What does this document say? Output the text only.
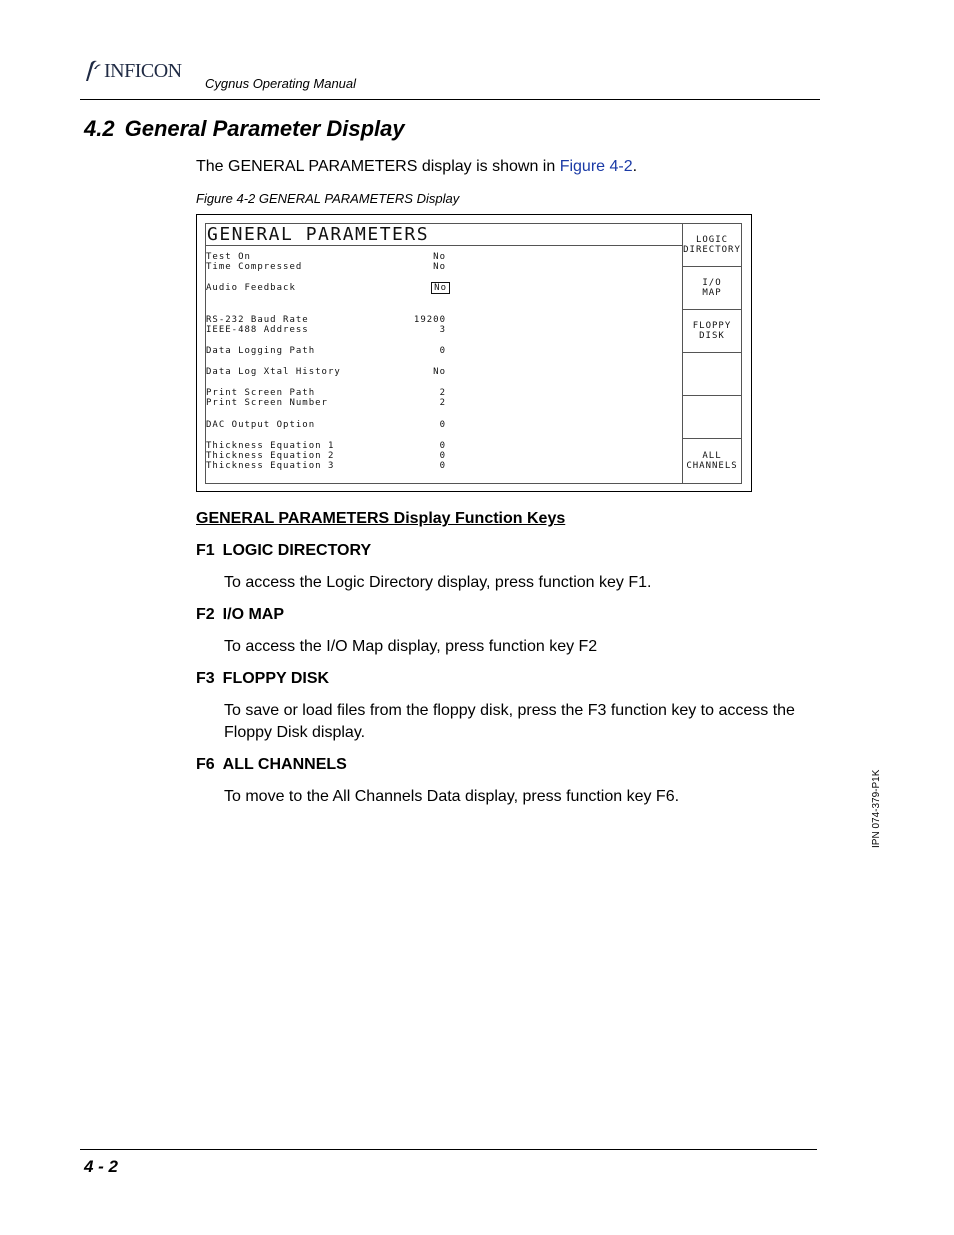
INFICON
Cygnus Operating Manual
4.2 General Parameter Display
The GENERAL PARAMETERS display is shown in Figure 4-2.
Figure 4-2 GENERAL PARAMETERS Display
GENERAL PARAMETERS
Test On	No
Time Compressed	No
Audio Feedback	No
RS-232 Baud Rate	19200
IEEE-488 Address	3
Data Logging Path	0
Data Log Xtal History	No
Print Screen Path	2
Print Screen Number	2
DAC Output Option	0
Thickness Equation 1	0
Thickness Equation 2	0
Thickness Equation 3	0
LOGIC
DIRECTORY
I/O
MAP
FLOPPY
DISK
ALL
CHANNELS
GENERAL PARAMETERS Display Function Keys
F1 LOGIC DIRECTORY
To access the Logic Directory display, press function key F1.
F2 I/O MAP
To access the I/O Map display, press function key F2
F3 FLOPPY DISK
To save or load files from the floppy disk, press the F3 function key to access the Floppy Disk display.
F6 ALL CHANNELS
To move to the All Channels Data display, press function key F6.	IPN 074-379-P1K
4 - 2
